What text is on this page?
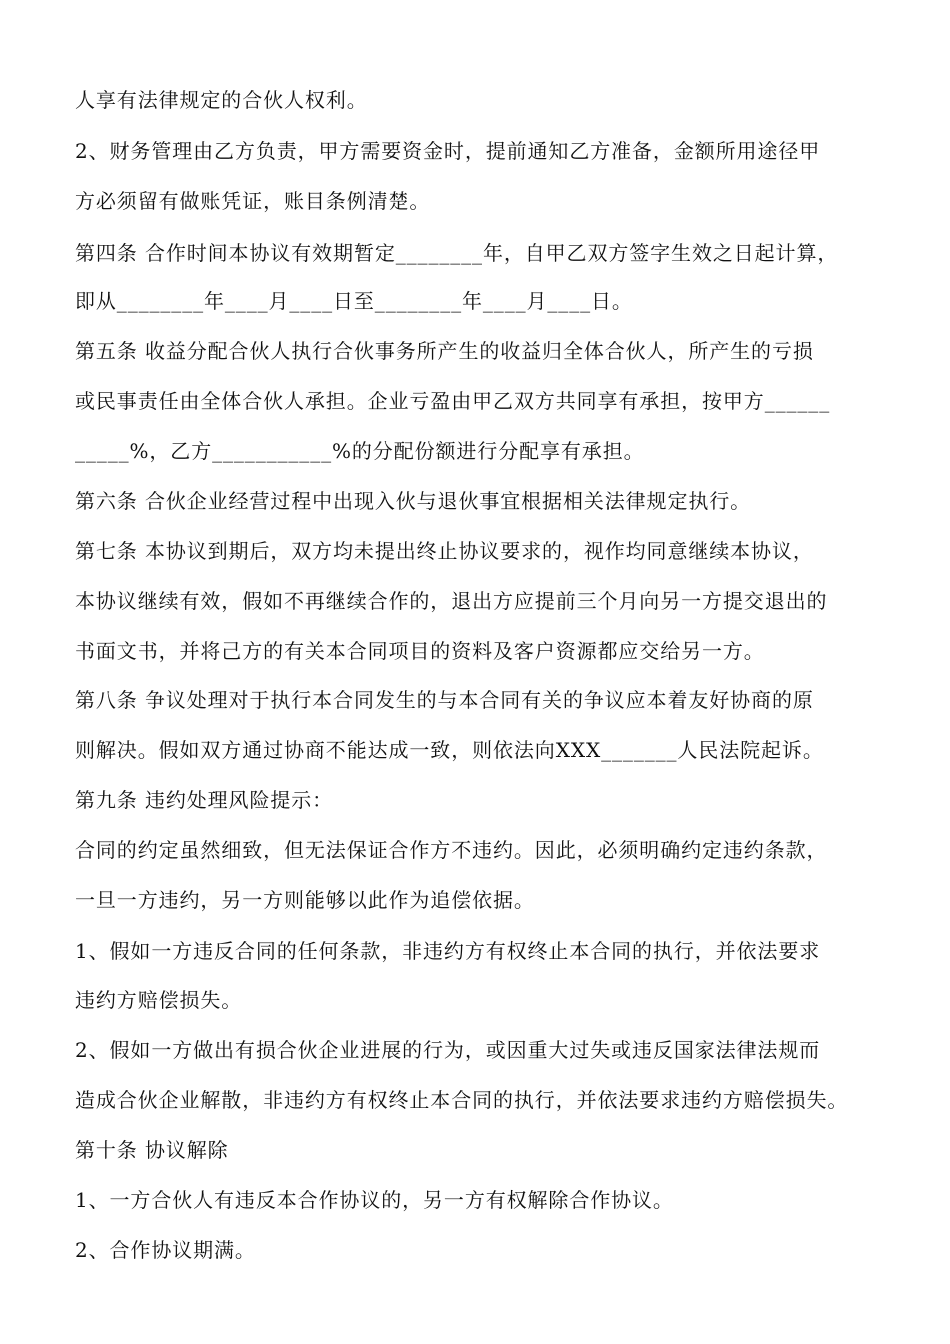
人享有法律规定的合伙人权利。
2、财务管理由乙方负责，甲方需要资金时，提前通知乙方准备，金额所用途径甲
方必须留有做账凭证，账目条例清楚。
第四条 合作时间本协议有效期暂定________年，自甲乙双方签字生效之日起计算，
即从________年____月____日至________年____月____日。
第五条 收益分配合伙人执行合伙事务所产生的收益归全体合伙人，所产生的亏损
或民事责任由全体合伙人承担。企业亏盈由甲乙双方共同享有承担，按甲方______
_____%，乙方___________%的分配份额进行分配享有承担。
第六条 合伙企业经营过程中出现入伙与退伙事宜根据相关法律规定执行。
第七条 本协议到期后，双方均未提出终止协议要求的，视作均同意继续本协议，
本协议继续有效，假如不再继续合作的，退出方应提前三个月向另一方提交退出的
书面文书，并将己方的有关本合同项目的资料及客户资源都应交给另一方。
第八条 争议处理对于执行本合同发生的与本合同有关的争议应本着友好协商的原
则解决。假如双方通过协商不能达成一致，则依法向XXX_______人民法院起诉。
第九条 违约处理风险提示：
合同的约定虽然细致，但无法保证合作方不违约。因此，必须明确约定违约条款，
一旦一方违约，另一方则能够以此作为追偿依据。
1、假如一方违反合同的任何条款，非违约方有权终止本合同的执行，并依法要求
违约方赔偿损失。
2、假如一方做出有损合伙企业进展的行为，或因重大过失或违反国家法律法规而
造成合伙企业解散，非违约方有权终止本合同的执行，并依法要求违约方赔偿损失。
第十条 协议解除
1、一方合伙人有违反本合作协议的，另一方有权解除合作协议。
2、合作协议期满。
